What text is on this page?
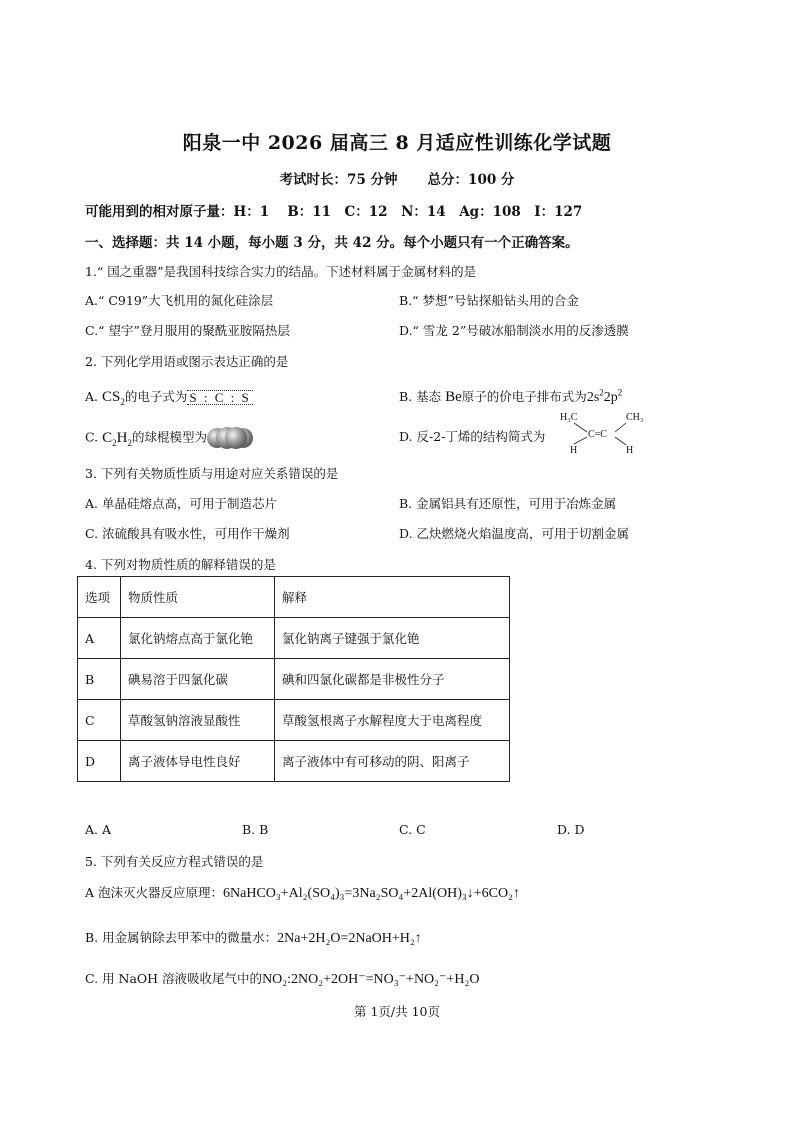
阳泉一中 2026 届高三 8 月适应性训练化学试题
考试时长：75 分钟 总分：100 分
可能用到的相对原子量：H：1　 B：11　C：12　N：14　Ag：108　I：127
一、选择题：共 14 小题，每小题 3 分，共 42 分。每个小题只有一个正确答案。
1.“ 国之重器”是我国科技综合实力的结晶。下述材料属于金属材料的是
A.“ C919”大飞机用的氮化硅涂层	B.“ 梦想”号钻探船钻头用的合金
C.“ 望宇”登月服用的聚酰亚胺隔热层	D.“ 雪龙 2”号破冰船制淡水用的反渗透膜
2. 下列化学用语或图示表达正确的是
A. $CS_2$的电子式为 S : C : S	B. 基态 Be原子的价电子排布式为$2s^22p^2$
C. $C_2H_2$的球棍模型为	D. 反-2-丁烯的结构简式为
H₃C	CH₃
C=C
H	H
3. 下列有关物质性质与用途对应关系错误的是
A. 单晶硅熔点高，可用于制造芯片	B. 金属铝具有还原性，可用于冶炼金属
C. 浓硫酸具有吸水性，可用作干燥剂	D. 乙炔燃烧火焰温度高，可用于切割金属
4. 下列对物质性质的解释错误的是
选项	物质性质	解释
A	氯化钠熔点高于氯化铯	氯化钠离子键强于氯化铯
B	碘易溶于四氯化碳	碘和四氯化碳都是非极性分子
C	草酸氢钠溶液显酸性	草酸氢根离子水解程度大于电离程度
D	离子液体导电性良好	离子液体中有可移动的阴、阳离子
A. A	B. B	C. C	D. D
5. 下列有关反应方程式错误的是
A 泡沫灭火器反应原理：6NaHCO₃+Al₂(SO₄)₃=3Na₂SO₄+2Al(OH)₃↓+6CO₂↑
B. 用金属钠除去甲苯中的微量水：2Na+2H₂O=2NaOH+H₂↑
C. 用 NaOH 溶液吸收尾气中的NO₂:2NO₂+2OH⁻=NO₃⁻+NO₂⁻+H₂O
第 1页/共 10页
